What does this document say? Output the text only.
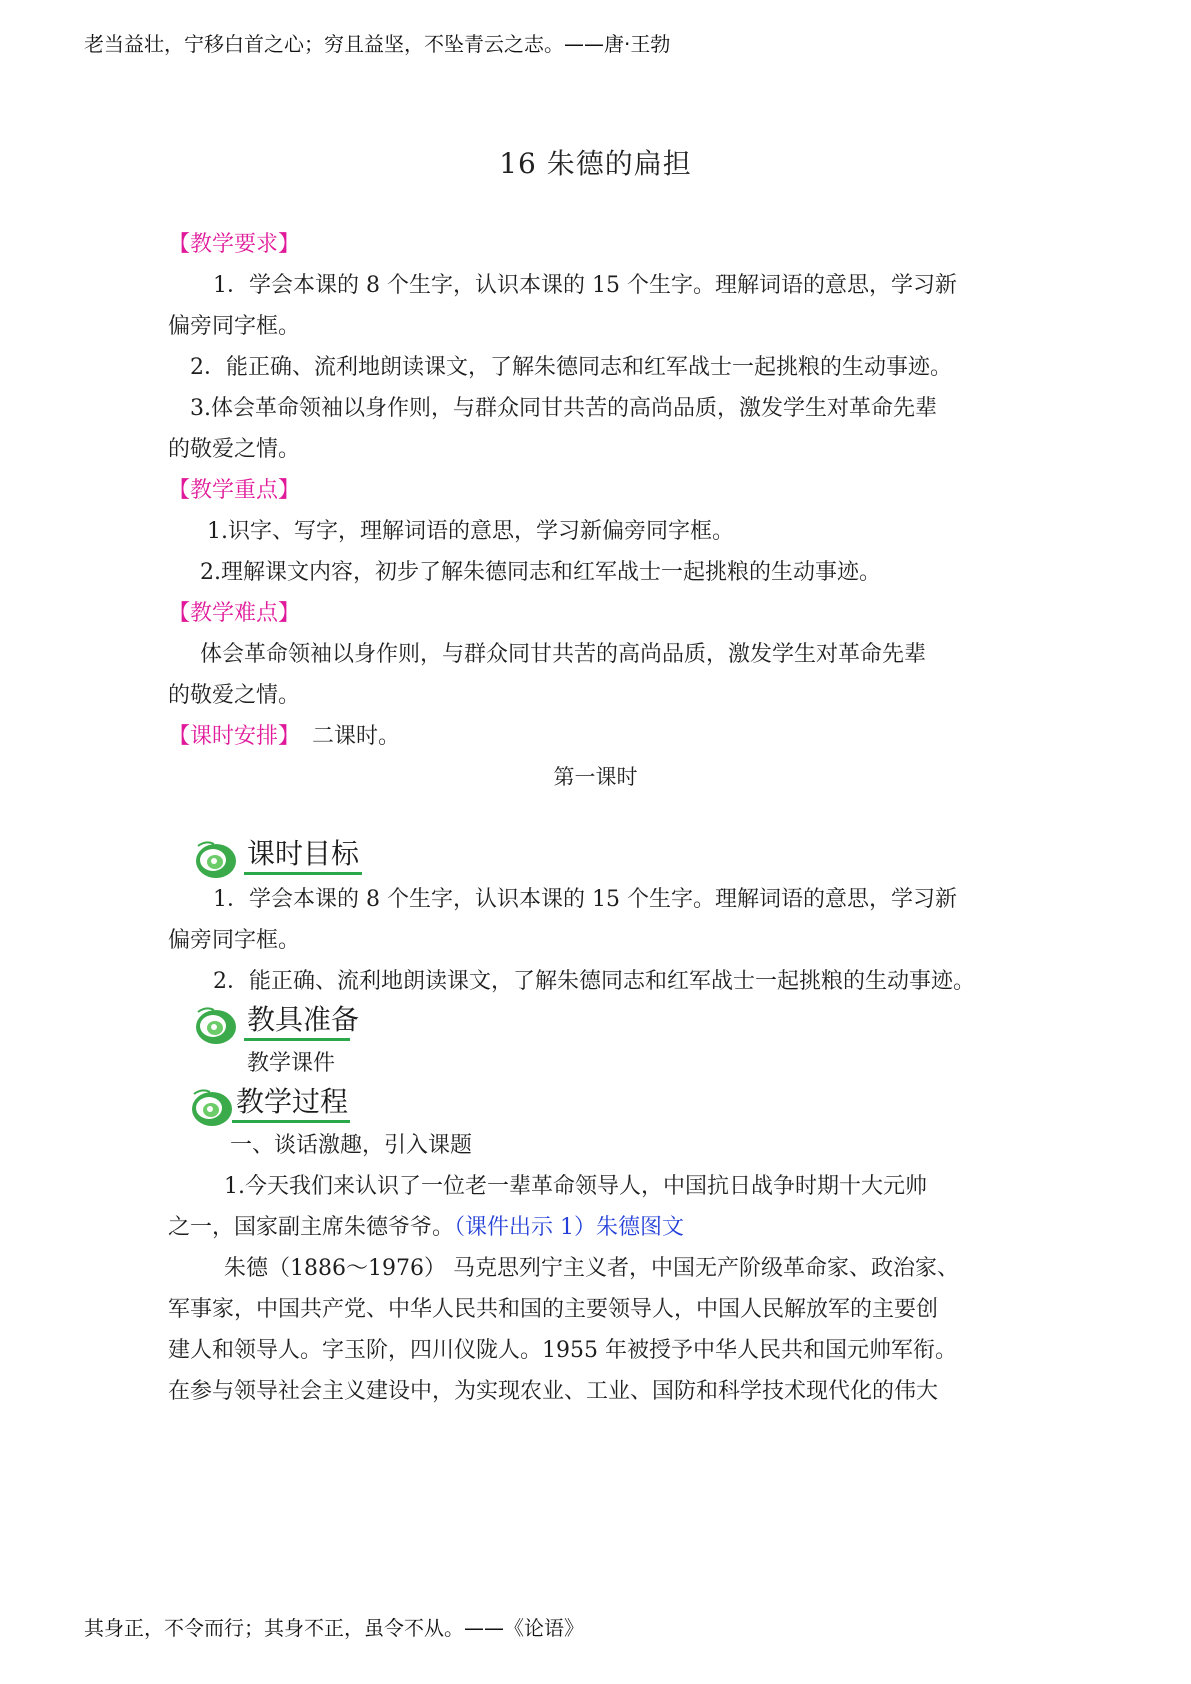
老当益壮，宁移白首之心；穷且益坚，不坠青云之志。——唐·王勃
16 朱德的扁担
【教学要求】
1．学会本课的 8 个生字，认识本课的 15 个生字。理解词语的意思，学习新
偏旁同字框。
2．能正确、流利地朗读课文，了解朱德同志和红军战士一起挑粮的生动事迹。
3.体会革命领袖以身作则，与群众同甘共苦的高尚品质，激发学生对革命先辈
的敬爱之情。
【教学重点】
1.识字、写字，理解词语的意思，学习新偏旁同字框。
2.理解课文内容，初步了解朱德同志和红军战士一起挑粮的生动事迹。
【教学难点】
体会革命领袖以身作则，与群众同甘共苦的高尚品质，激发学生对革命先辈
的敬爱之情。
【课时安排】 二课时。
第一课时
课时目标
1．学会本课的 8 个生字，认识本课的 15 个生字。理解词语的意思，学习新
偏旁同字框。
2．能正确、流利地朗读课文，了解朱德同志和红军战士一起挑粮的生动事迹。
教具准备
教学课件
教学过程
一、谈话激趣，引入课题
1.今天我们来认识了一位老一辈革命领导人，中国抗日战争时期十大元帅
之一，国家副主席朱德爷爷。（课件出示 1）朱德图文
朱德（1886～1976） 马克思列宁主义者，中国无产阶级革命家、政治家、
军事家，中国共产党、中华人民共和国的主要领导人，中国人民解放军的主要创
建人和领导人。字玉阶，四川仪陇人。1955 年被授予中华人民共和国元帅军衔。
在参与领导社会主义建设中，为实现农业、工业、国防和科学技术现代化的伟大
其身正，不令而行；其身不正，虽令不从。——《论语》
